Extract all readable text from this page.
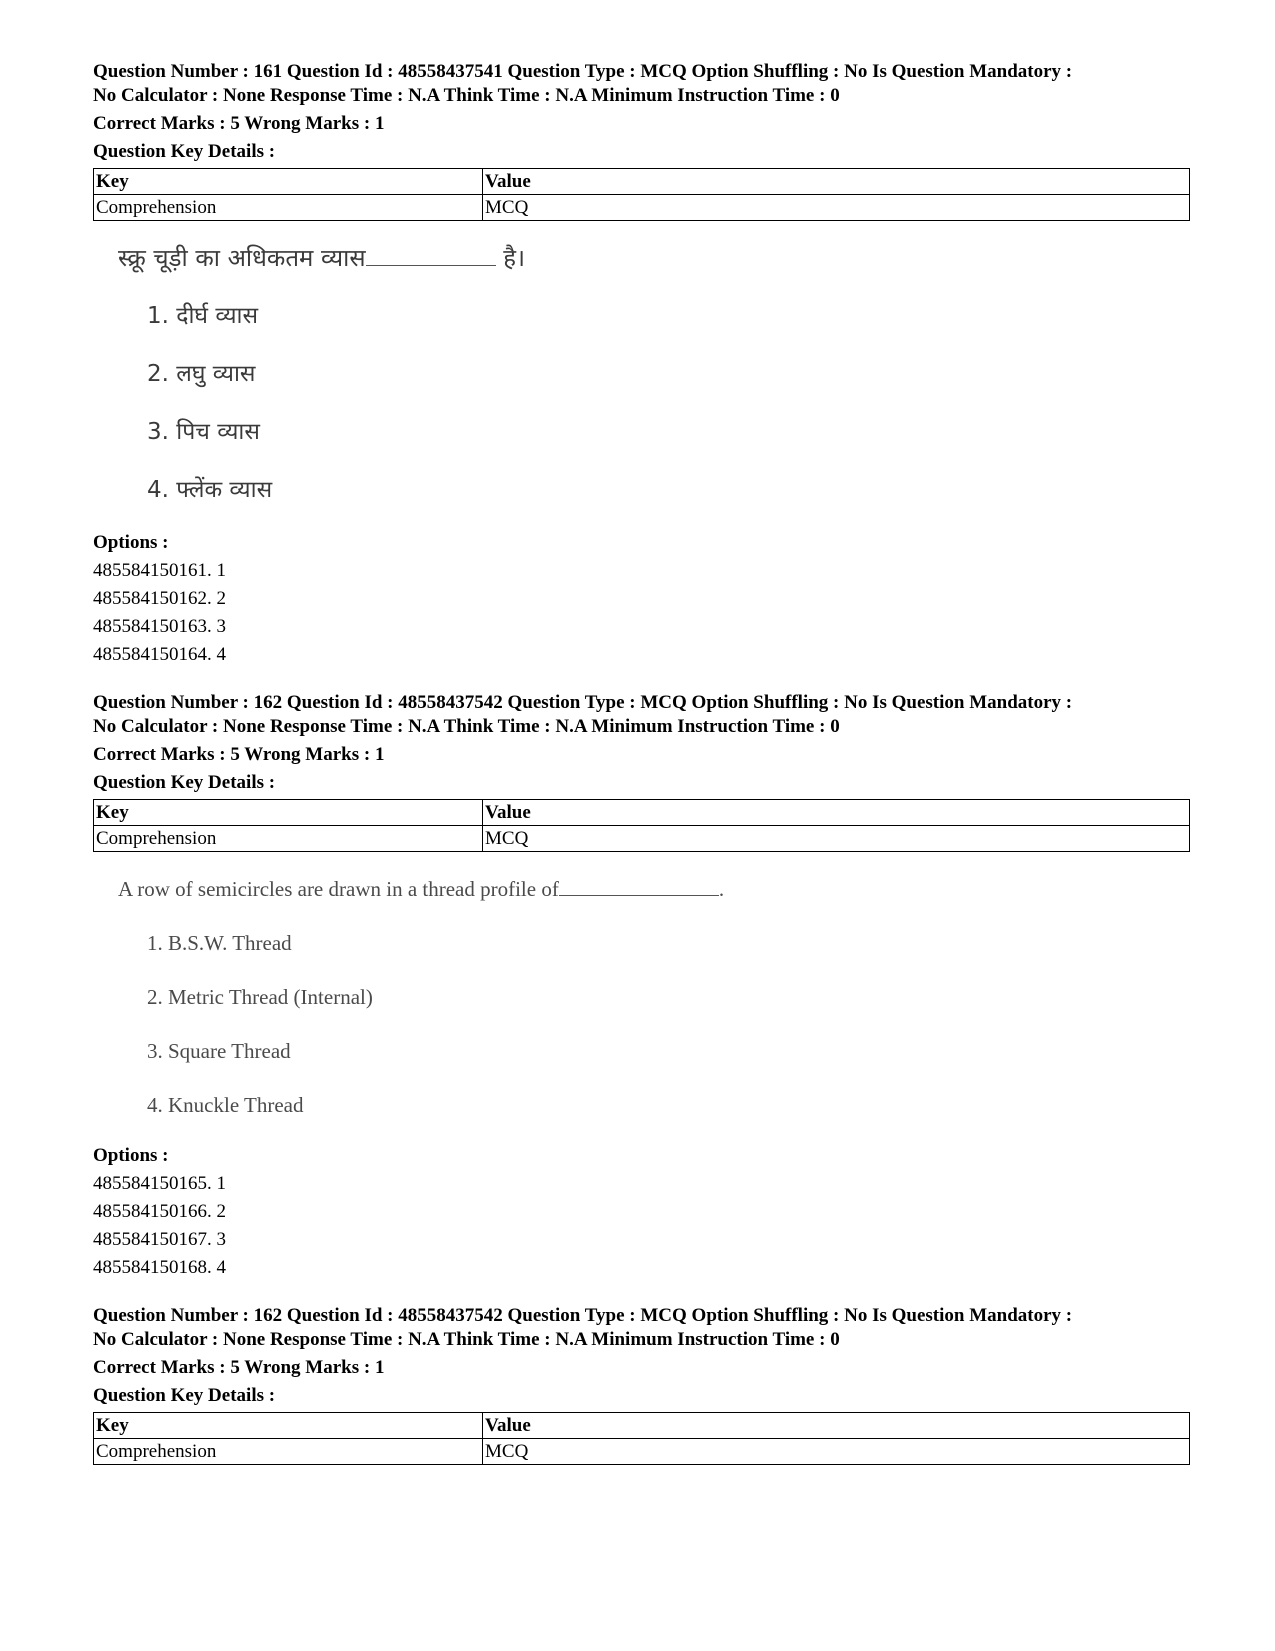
Question Number : 161 Question Id : 48558437541 Question Type : MCQ Option Shuffling : No Is Question Mandatory :
No Calculator : None Response Time : N.A Think Time : N.A Minimum Instruction Time : 0
Correct Marks : 5 Wrong Marks : 1
Question Key Details :
Key	Value
Comprehension	MCQ
स्क्रू चूड़ी का अधिकतम व्यास	है।
1. दीर्घ व्यास
2. लघु व्यास
3. पिच व्यास
4. फ्लेंक व्यास
Options :
485584150161. 1
485584150162. 2
485584150163. 3
485584150164. 4
Question Number : 162 Question Id : 48558437542 Question Type : MCQ Option Shuffling : No Is Question Mandatory :
No Calculator : None Response Time : N.A Think Time : N.A Minimum Instruction Time : 0
Correct Marks : 5 Wrong Marks : 1
Question Key Details :
Key	Value
Comprehension	MCQ
A row of semicircles are drawn in a thread profile of	.
1. B.S.W. Thread
2. Metric Thread (Internal)
3. Square Thread
4. Knuckle Thread
Options :
485584150165. 1
485584150166. 2
485584150167. 3
485584150168. 4
Question Number : 162 Question Id : 48558437542 Question Type : MCQ Option Shuffling : No Is Question Mandatory :
No Calculator : None Response Time : N.A Think Time : N.A Minimum Instruction Time : 0
Correct Marks : 5 Wrong Marks : 1
Question Key Details :
Key	Value
Comprehension	MCQ
